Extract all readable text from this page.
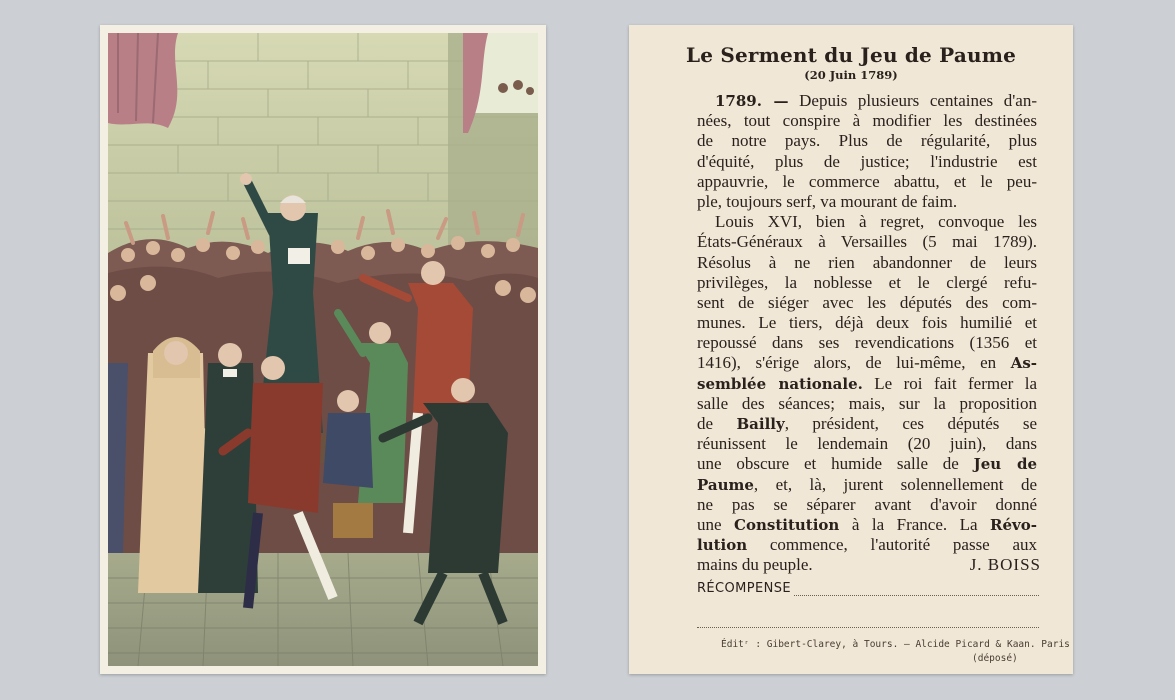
Le Serment du Jeu de Paume
(20 Juin 1789)
1789. — Depuis plusieurs centaines d'an-
nées, tout conspire à modifier les destinées
de notre pays. Plus de régularité, plus
d'équité, plus de justice; l'industrie est
appauvrie, le commerce abattu, et le peu-
ple, toujours serf, va mourant de faim.
Louis XVI, bien à regret, convoque les
États-Généraux à Versailles (5 mai 1789).
Résolus à ne rien abandonner de leurs
privilèges, la noblesse et le clergé refu-
sent de siéger avec les députés des com-
munes. Le tiers, déjà deux fois humilié et
repoussé dans ses revendications (1356 et
1416), s'érige alors, de lui-même, en As-
semblée nationale. Le roi fait fermer la
salle des séances; mais, sur la proposition
de Bailly, président, ces députés se
réunissent le lendemain (20 juin), dans
une obscure et humide salle de Jeu de
Paume, et, là, jurent solennellement de
ne pas se séparer avant d'avoir donné
une Constitution à la France. La Révo-
lution commence, l'autorité passe aux
mains du peuple.	J. BOISS
RÉCOMPENSE
Éditʳ : Gibert-Clarey, à Tours. — Alcide Picard & Kaan. Paris
(déposé)
